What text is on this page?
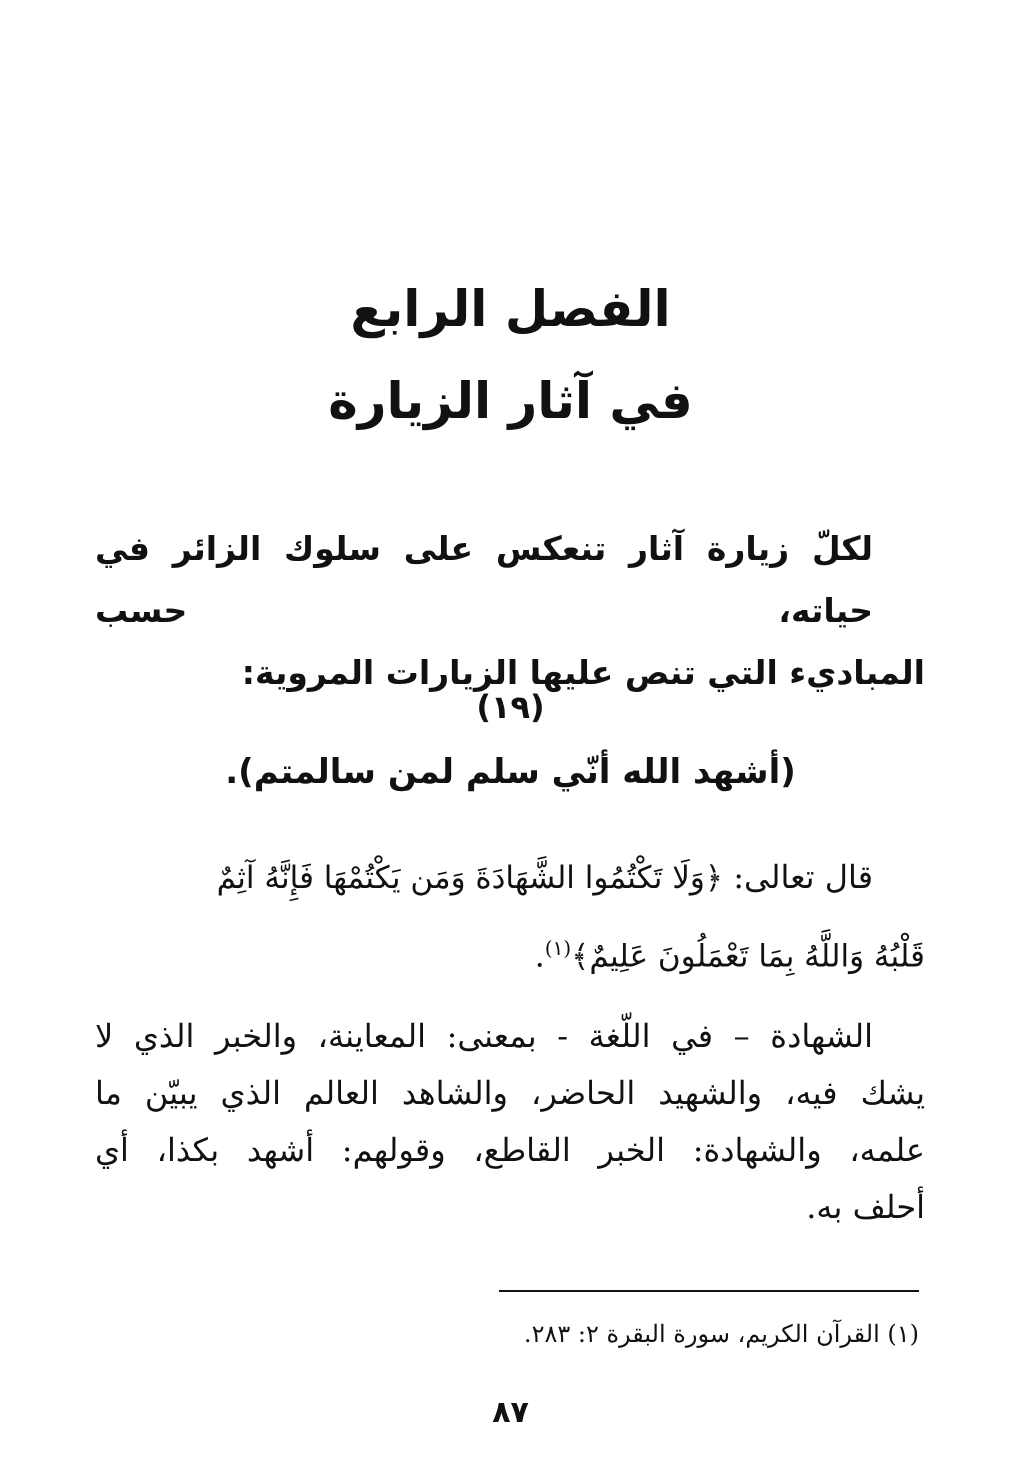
الفصل الرابع
في آثار الزيارة
لكلّ زيارة آثار تنعكس على سلوك الزائر في حياته، حسب
المباديء التي تنص عليها الزيارات المروية:
(١٩)
(أشهد الله أنّي سلم لمن سالمتم).
قال تعالى: ﴿وَلَا تَكْتُمُوا الشَّهَادَةَ وَمَن يَكْتُمْهَا فَإِنَّهُ آثِمٌ
قَلْبُهُ وَاللَّهُ بِمَا تَعْمَلُونَ عَلِيمٌ﴾$^{(١)}$.
الشهادة – في اللّغة - بمعنى: المعاينة، والخبر الذي لا
يشك فيه، والشهيد الحاضر، والشاهد العالم الذي يبيّن ما
علمه، والشهادة: الخبر القاطع، وقولهم: أشهد بكذا، أي
أحلف به.
(١) القرآن الكريم، سورة البقرة ٢: ٢٨٣.
٨٧
